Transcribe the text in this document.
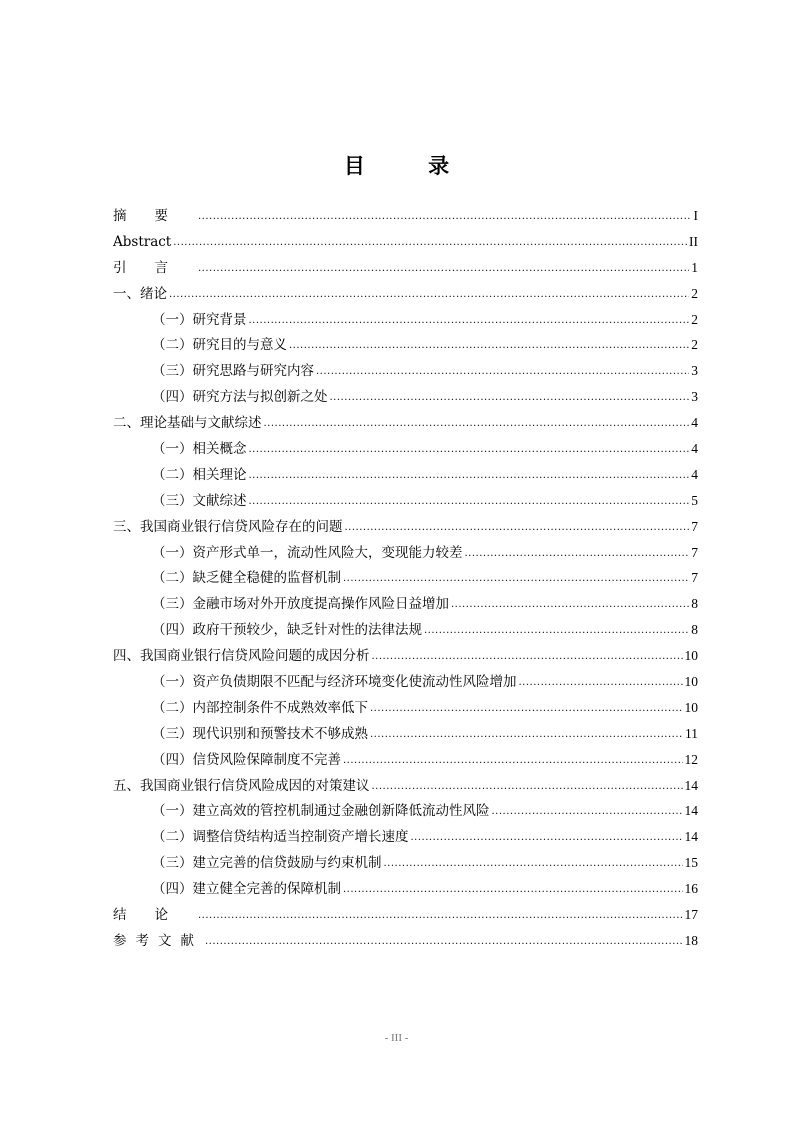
目 录
摘要 .....	I
Abstract .....	II
引言 .....	1
一、绪论 .....	2
（一）研究背景 .....	2
（二）研究目的与意义 .....	2
（三）研究思路与研究内容 .....	3
（四）研究方法与拟创新之处 .....	3
二、理论基础与文献综述 .....	4
（一）相关概念 .....	4
（二）相关理论 .....	4
（三）文献综述 .....	5
三、我国商业银行信贷风险存在的问题 .....	7
（一）资产形式单一，流动性风险大，变现能力较差 .....	7
（二）缺乏健全稳健的监督机制 .....	7
（三）金融市场对外开放度提高操作风险日益增加 .....	8
（四）政府干预较少，缺乏针对性的法律法规 .....	8
四、我国商业银行信贷风险问题的成因分析 .....	10
（一）资产负债期限不匹配与经济环境变化使流动性风险增加 .....	10
（二）内部控制条件不成熟效率低下 .....	10
（三）现代识别和预警技术不够成熟 .....	11
（四）信贷风险保障制度不完善 .....	12
五、我国商业银行信贷风险成因的对策建议 .....	14
（一）建立高效的管控机制通过金融创新降低流动性风险 .....	14
（二）调整信贷结构适当控制资产增长速度 .....	14
（三）建立完善的信贷鼓励与约束机制 .....	15
（四）建立健全完善的保障机制 .....	16
结论 .....	17
参考文献 .....	18
- III -
